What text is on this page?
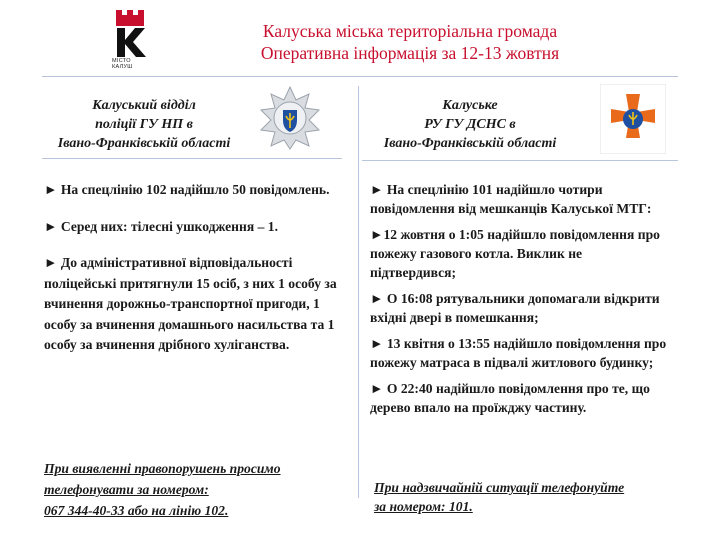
МІСТО
КАЛУШ
Калуська міська територіальна громада
Оперативна інформація за 12-13 жовтня
Калуський відділ
поліції ГУ НП в
Івано-Франківській області

► На спецлінію 102 надійшло 50 повідомлень.

► Серед них: тілесні ушкодження – 1.

► До адміністративної відповідальності поліцейські притягнули 15 осіб, з них 1 особу за вчинення дорожньо-транспортної пригоди, 1 особу за вчинення домашнього насильства та 1 особу за вчинення дрібного хуліганства.

При виявленні правопорушень просимо
телефонувати за номером:
067 344-40-33 або на лінію 102.
Калуське
РУ ГУ ДСНС в
Івано-Франківській області

► На спецлінію 101 надійшло чотири повідомлення від мешканців Калуської МТГ:

►12 жовтня о 1:05 надійшло повідомлення про пожежу газового котла. Виклик не підтвердився;

► О 16:08 рятувальники допомагали відкрити вхідні двері в помешкання;

► 13 квітня о 13:55 надійшло повідомлення про пожежу матраса в підвалі житлового будинку;

► О 22:40 надійшло повідомлення про те, що дерево впало на проїжджу частину.

При надзвичайній ситуації телефонуйте
за номером: 101.
